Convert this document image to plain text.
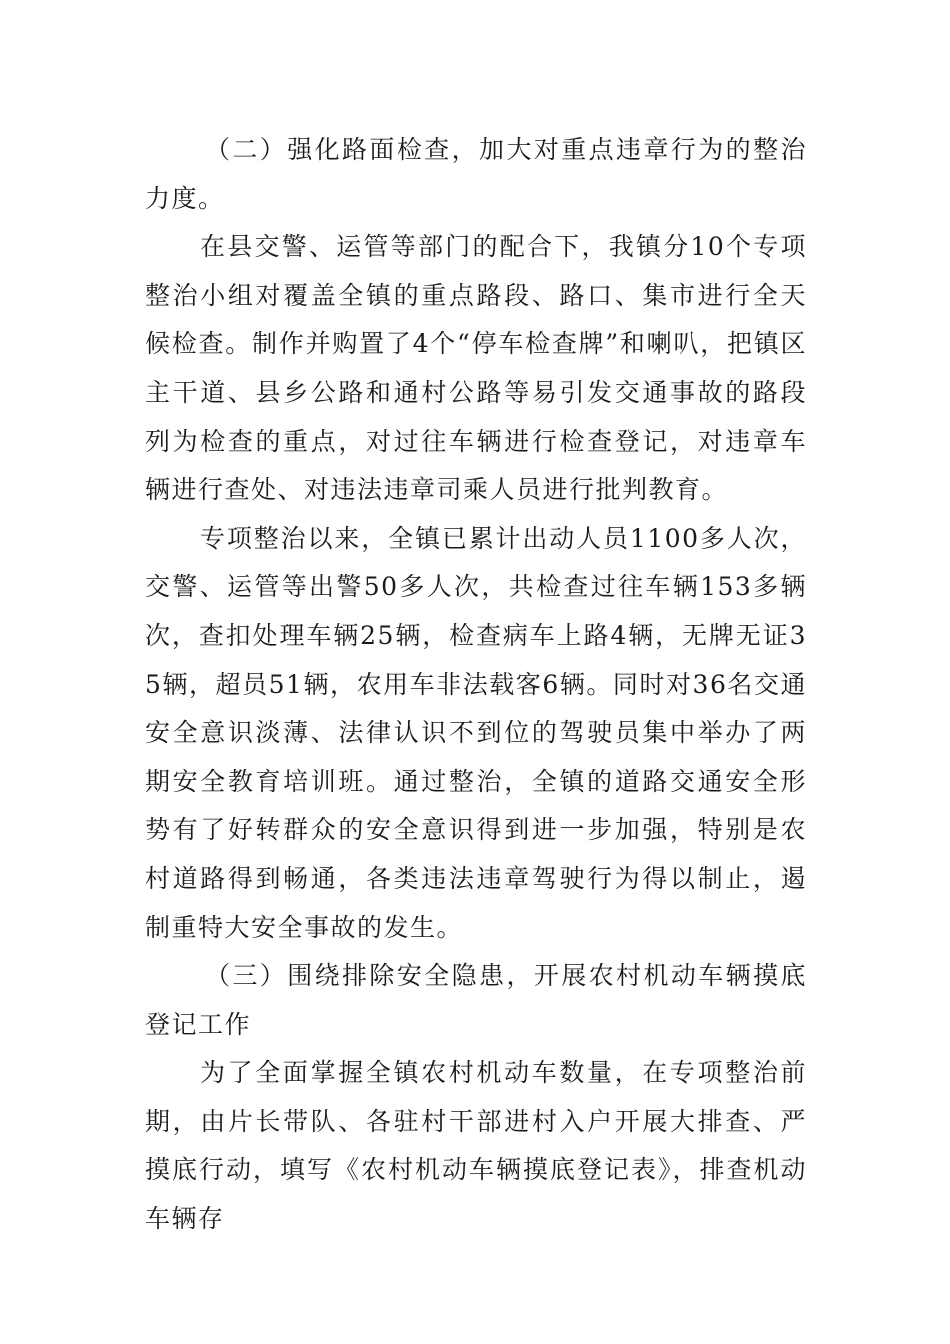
（二）强化路面检查，加大对重点违章行为的整治力度。

在县交警、运管等部门的配合下，我镇分10个专项整治小组对覆盖全镇的重点路段、路口、集市进行全天候检查。制作并购置了4个“停车检查牌”和喇叭，把镇区主干道、县乡公路和通村公路等易引发交通事故的路段列为检查的重点，对过往车辆进行检查登记，对违章车辆进行查处、对违法违章司乘人员进行批判教育。

专项整治以来，全镇已累计出动人员1100多人次，交警、运管等出警50多人次，共检查过往车辆153多辆次，查扣处理车辆25辆，检查病车上路4辆，无牌无证35辆，超员51辆，农用车非法载客6辆。同时对36名交通安全意识淡薄、法律认识不到位的驾驶员集中举办了两期安全教育培训班。通过整治，全镇的道路交通安全形势有了好转群众的安全意识得到进一步加强，特别是农村道路得到畅通，各类违法违章驾驶行为得以制止，遏制重特大安全事故的发生。

（三）围绕排除安全隐患，开展农村机动车辆摸底登记工作

为了全面掌握全镇农村机动车数量，在专项整治前期，由片长带队、各驻村干部进村入户开展大排查、严摸底行动，填写《农村机动车辆摸底登记表》，排查机动车辆存
